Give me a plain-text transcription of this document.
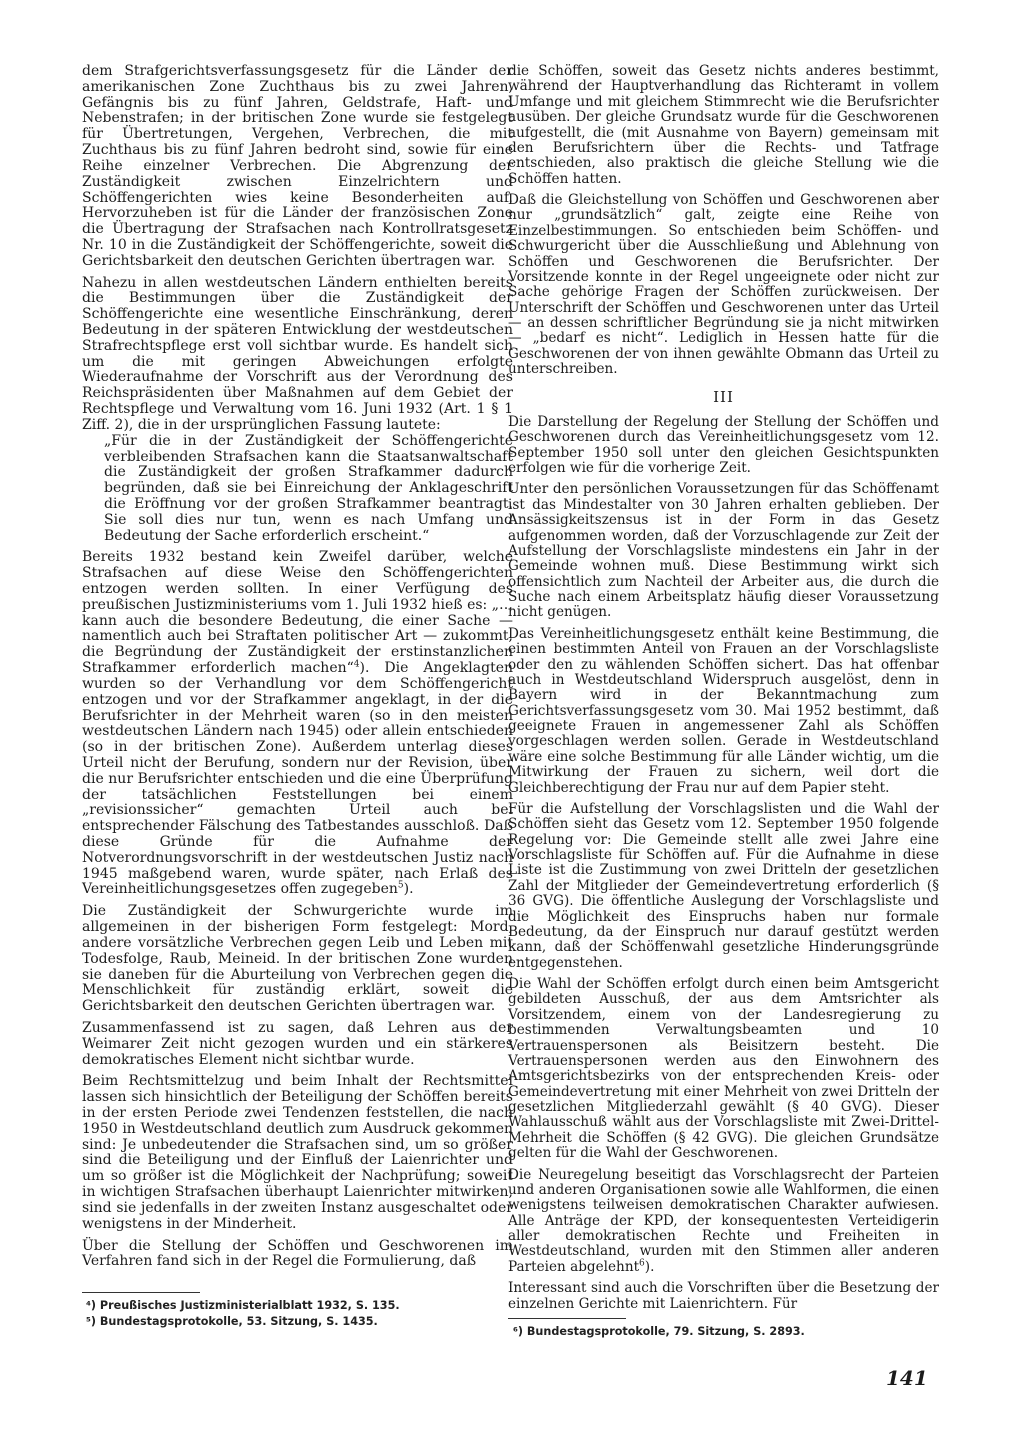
dem Strafgerichtsverfassungsgesetz für die Länder der amerikanischen Zone Zuchthaus bis zu zwei Jahren, Gefängnis bis zu fünf Jahren, Geldstrafe, Haft- und Nebenstrafen; in der britischen Zone wurde sie festgelegt für Übertretungen, Vergehen, Verbrechen, die mit Zuchthaus bis zu fünf Jahren bedroht sind, sowie für eine Reihe einzelner Verbrechen. Die Abgrenzung der Zuständigkeit zwischen Einzelrichtern und Schöffengerichten wies keine Besonderheiten auf. Hervorzuheben ist für die Länder der französischen Zone die Übertragung der Strafsachen nach Kontrollratsgesetz Nr. 10 in die Zuständigkeit der Schöffengerichte, soweit die Gerichtsbarkeit den deutschen Gerichten übertragen war.

Nahezu in allen westdeutschen Ländern enthielten bereits die Bestimmungen über die Zuständigkeit der Schöffengerichte eine wesentliche Einschränkung, deren Bedeutung in der späteren Entwicklung der westdeutschen Strafrechtspflege erst voll sichtbar wurde. Es handelt sich um die mit geringen Abweichungen erfolgte Wiederaufnahme der Vorschrift aus der Verordnung des Reichspräsidenten über Maßnahmen auf dem Gebiet der Rechtspflege und Verwaltung vom 16. Juni 1932 (Art. 1 § 1 Ziff. 2), die in der ursprünglichen Fassung lautete:

„Für die in der Zuständigkeit der Schöffengerichte verbleibenden Strafsachen kann die Staatsanwaltschaft die Zuständigkeit der großen Strafkammer dadurch begründen, daß sie bei Einreichung der Anklageschrift die Eröffnung vor der großen Strafkammer beantragt. Sie soll dies nur tun, wenn es nach Umfang und Bedeutung der Sache erforderlich erscheint.“

Bereits 1932 bestand kein Zweifel darüber, welche Strafsachen auf diese Weise den Schöffengerichten entzogen werden sollten. In einer Verfügung des preußischen Justizministeriums vom 1. Juli 1932 hieß es: „… kann auch die besondere Bedeutung, die einer Sache — namentlich auch bei Straftaten politischer Art — zukommt, die Begründung der Zuständigkeit der erstinstanzlichen Strafkammer erforderlich machen“$^4$). Die Angeklagten wurden so der Verhandlung vor dem Schöffengericht entzogen und vor der Strafkammer angeklagt, in der die Berufsrichter in der Mehrheit waren (so in den meisten westdeutschen Ländern nach 1945) oder allein entschieden (so in der britischen Zone). Außerdem unterlag dieses Urteil nicht der Berufung, sondern nur der Revision, über die nur Berufsrichter entschieden und die eine Überprüfung der tatsächlichen Feststellungen bei einem „revisionssicher“ gemachten Urteil auch bei entsprechender Fälschung des Tatbestandes ausschloß. Daß diese Gründe für die Aufnahme der Notverordnungsvorschrift in der westdeutschen Justiz nach 1945 maßgebend waren, wurde später, nach Erlaß des Vereinheitlichungsgesetzes offen zugegeben$^5$).

Die Zuständigkeit der Schwurgerichte wurde im allgemeinen in der bisherigen Form festgelegt: Mord, andere vorsätzliche Verbrechen gegen Leib und Leben mit Todesfolge, Raub, Meineid. In der britischen Zone wurden sie daneben für die Aburteilung von Verbrechen gegen die Menschlichkeit für zuständig erklärt, soweit die Gerichtsbarkeit den deutschen Gerichten übertragen war.

Zusammenfassend ist zu sagen, daß Lehren aus der Weimarer Zeit nicht gezogen wurden und ein stärkeres demokratisches Element nicht sichtbar wurde.

Beim Rechtsmittelzug und beim Inhalt der Rechtsmittel lassen sich hinsichtlich der Beteiligung der Schöffen bereits in der ersten Periode zwei Tendenzen feststellen, die nach 1950 in Westdeutschland deutlich zum Ausdruck gekommen sind: Je unbedeutender die Strafsachen sind, um so größer sind die Beteiligung und der Einfluß der Laienrichter und um so größer ist die Möglichkeit der Nachprüfung; soweit in wichtigen Strafsachen überhaupt Laienrichter mitwirken, sind sie jedenfalls in der zweiten Instanz ausgeschaltet oder wenigstens in der Minderheit.

Über die Stellung der Schöffen und Geschworenen im Verfahren fand sich in der Regel die Formulierung, daß

die Schöffen, soweit das Gesetz nichts anderes bestimmt, während der Hauptverhandlung das Richteramt in vollem Umfange und mit gleichem Stimmrecht wie die Berufsrichter ausüben. Der gleiche Grundsatz wurde für die Geschworenen aufgestellt, die (mit Ausnahme von Bayern) gemeinsam mit den Berufsrichtern über die Rechts- und Tatfrage entschieden, also praktisch die gleiche Stellung wie die Schöffen hatten.

Daß die Gleichstellung von Schöffen und Geschworenen aber nur „grundsätzlich“ galt, zeigte eine Reihe von Einzelbestimmungen. So entschieden beim Schöffen- und Schwurgericht über die Ausschließung und Ablehnung von Schöffen und Geschworenen die Berufsrichter. Der Vorsitzende konnte in der Regel ungeeignete oder nicht zur Sache gehörige Fragen der Schöffen zurückweisen. Der Unterschrift der Schöffen und Geschworenen unter das Urteil — an dessen schriftlicher Begründung sie ja nicht mitwirken — „bedarf es nicht“. Lediglich in Hessen hatte für die Geschworenen der von ihnen gewählte Obmann das Urteil zu unterschreiben.

III

Die Darstellung der Regelung der Stellung der Schöffen und Geschworenen durch das Vereinheitlichungsgesetz vom 12. September 1950 soll unter den gleichen Gesichtspunkten erfolgen wie für die vorherige Zeit.

Unter den persönlichen Voraussetzungen für das Schöffenamt ist das Mindestalter von 30 Jahren erhalten geblieben. Der Ansässigkeitszensus ist in der Form in das Gesetz aufgenommen worden, daß der Vorzuschlagende zur Zeit der Aufstellung der Vorschlagsliste mindestens ein Jahr in der Gemeinde wohnen muß. Diese Bestimmung wirkt sich offensichtlich zum Nachteil der Arbeiter aus, die durch die Suche nach einem Arbeitsplatz häufig dieser Voraussetzung nicht genügen.

Das Vereinheitlichungsgesetz enthält keine Bestimmung, die einen bestimmten Anteil von Frauen an der Vorschlagsliste oder den zu wählenden Schöffen sichert. Das hat offenbar auch in Westdeutschland Widerspruch ausgelöst, denn in Bayern wird in der Bekanntmachung zum Gerichtsverfassungsgesetz vom 30. Mai 1952 bestimmt, daß geeignete Frauen in angemessener Zahl als Schöffen vorgeschlagen werden sollen. Gerade in Westdeutschland wäre eine solche Bestimmung für alle Länder wichtig, um die Mitwirkung der Frauen zu sichern, weil dort die Gleichberechtigung der Frau nur auf dem Papier steht.

Für die Aufstellung der Vorschlagslisten und die Wahl der Schöffen sieht das Gesetz vom 12. September 1950 folgende Regelung vor: Die Gemeinde stellt alle zwei Jahre eine Vorschlagsliste für Schöffen auf. Für die Aufnahme in diese Liste ist die Zustimmung von zwei Dritteln der gesetzlichen Zahl der Mitglieder der Gemeindevertretung erforderlich (§ 36 GVG). Die öffentliche Auslegung der Vorschlagsliste und die Möglichkeit des Einspruchs haben nur formale Bedeutung, da der Einspruch nur darauf gestützt werden kann, daß der Schöffenwahl gesetzliche Hinderungsgründe entgegenstehen.

Die Wahl der Schöffen erfolgt durch einen beim Amtsgericht gebildeten Ausschuß, der aus dem Amtsrichter als Vorsitzendem, einem von der Landesregierung zu bestimmenden Verwaltungsbeamten und 10 Vertrauenspersonen als Beisitzern besteht. Die Vertrauenspersonen werden aus den Einwohnern des Amtsgerichtsbezirks von der entsprechenden Kreis- oder Gemeindevertretung mit einer Mehrheit von zwei Dritteln der gesetzlichen Mitgliederzahl gewählt (§ 40 GVG). Dieser Wahlausschuß wählt aus der Vorschlagsliste mit Zwei-Drittel-Mehrheit die Schöffen (§ 42 GVG). Die gleichen Grundsätze gelten für die Wahl der Geschworenen.

Die Neuregelung beseitigt das Vorschlagsrecht der Parteien und anderen Organisationen sowie alle Wahlformen, die einen wenigstens teilweisen demokratischen Charakter aufwiesen. Alle Anträge der KPD, der konsequentesten Verteidigerin aller demokratischen Rechte und Freiheiten in Westdeutschland, wurden mit den Stimmen aller anderen Parteien abgelehnt$^6$).

Interessant sind auch die Vorschriften über die Besetzung der einzelnen Gerichte mit Laienrichtern. Für

⁴) Preußisches Justizministerialblatt 1932, S. 135.
⁵) Bundestagsprotokolle, 53. Sitzung, S. 1435.
⁶) Bundestagsprotokolle, 79. Sitzung, S. 2893.
141
